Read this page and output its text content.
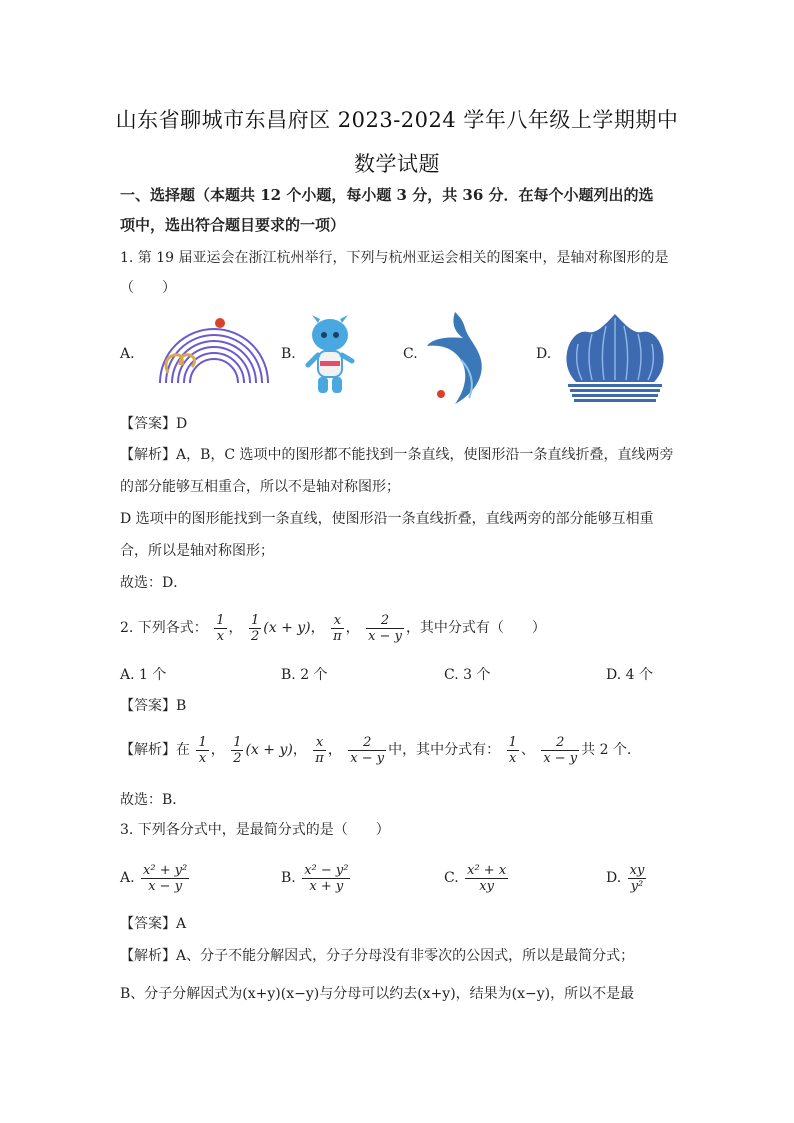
山东省聊城市东昌府区 2023-2024 学年八年级上学期期中
数学试题
一、选择题（本题共 12 个小题，每小题 3 分，共 36 分．在每个小题列出的选
项中，选出符合题目要求的一项）
1. 第 19 届亚运会在浙江杭州举行，下列与杭州亚运会相关的图案中，是轴对称图形的是
（　　）
A.	B.	C.	D.
【答案】D
【解析】A，B，C 选项中的图形都不能找到一条直线，使图形沿一条直线折叠，直线两旁
的部分能够互相重合，所以不是轴对称图形；
D 选项中的图形能找到一条直线，使图形沿一条直线折叠，直线两旁的部分能够互相重
合，所以是轴对称图形；
故选：D．
2. 下列各式： $\frac{1}{x}$ ， $\frac{1}{2} (x + y)$， $\frac{x}{\pi}$ ， $\frac{2}{x - y}$ ，其中分式有（　　）
A. 1 个	B. 2 个	C. 3 个	D. 4 个
【答案】B
【解析】在 $\frac{1}{x}$ ， $\frac{1}{2} (x + y)$， $\frac{x}{\pi}$ ， $\frac{2}{x - y}$ 中，其中分式有： $\frac{1}{x}$ 、 $\frac{2}{x - y}$ 共 2 个．
故选：B．
3. 下列各分式中，是最简分式的是（　　）
A. $\frac{\text{x² + y²}}{x - y}$	B. $\frac{\text{x² − y²}}{x + y}$	C. $\frac{\text{x² + x}}{xy}$	D. $\frac{xy}{\text{y²}}$
【答案】A
【解析】A、分子不能分解因式，分子分母没有非零次的公因式，所以是最简分式；
B、分子分解因式为(x+y)(x−y)与分母可以约去(x+y)，结果为(x−y)，所以不是最
